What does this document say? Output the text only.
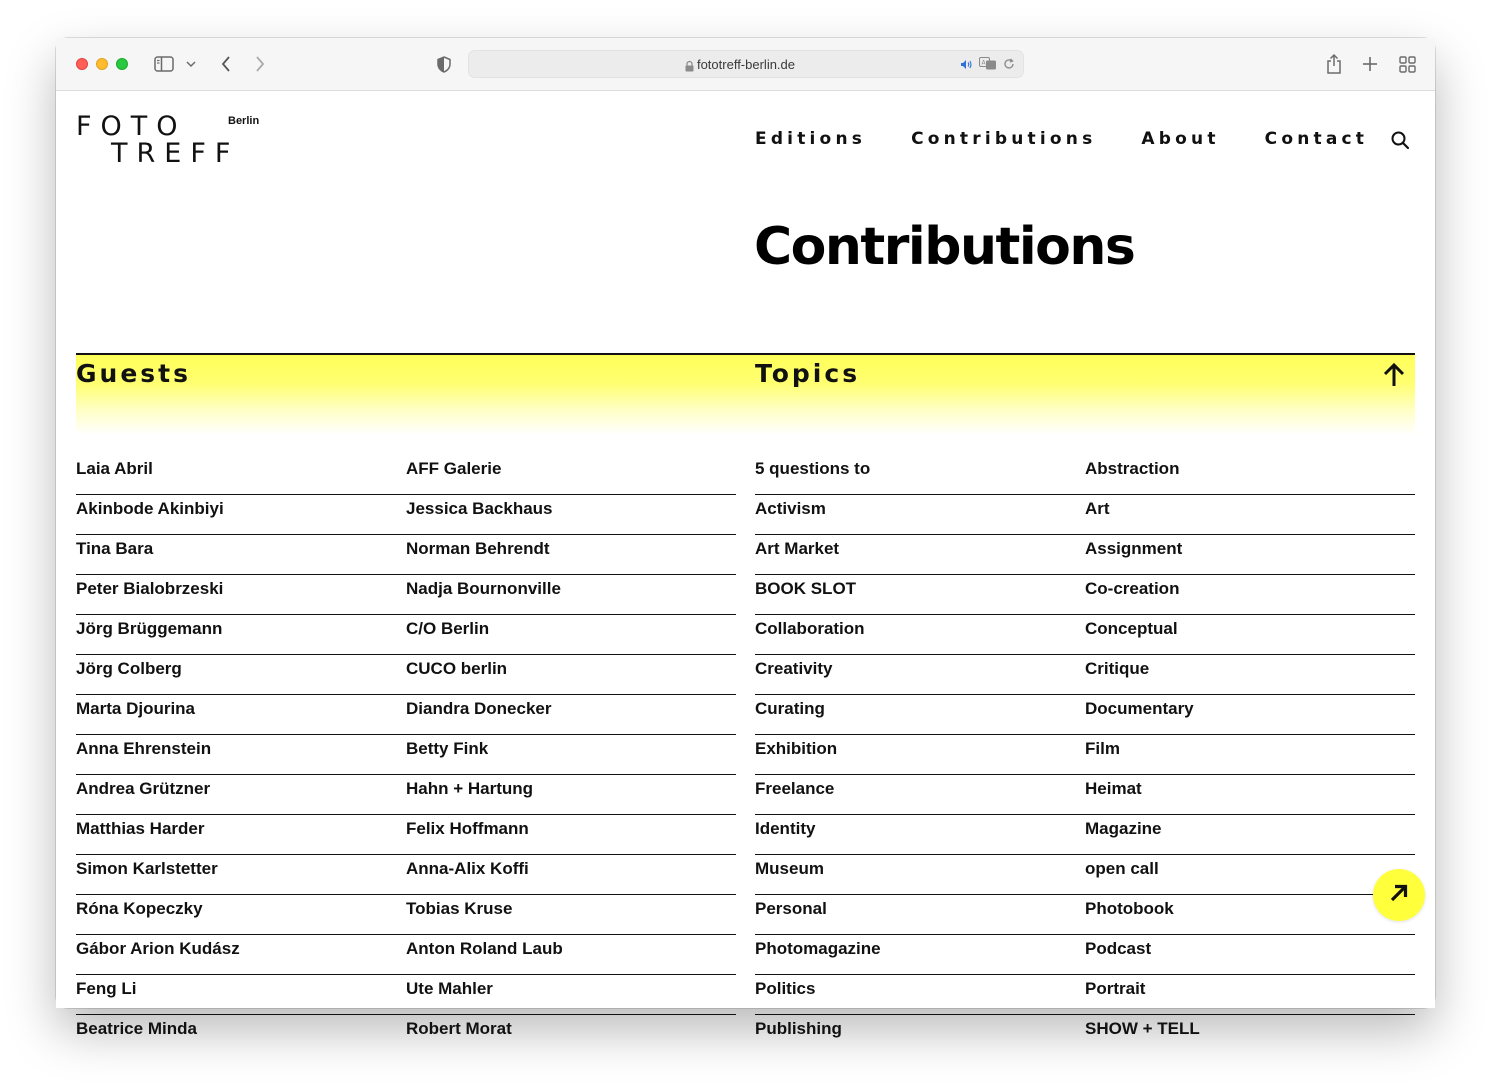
fototreff-berlin.de	A
FOTO
TREFF
Berlin
Editions	Contributions	About	Contact
Contributions
Guests	Topics
Laia Abril	AFF Galerie
Akinbode Akinbiyi	Jessica Backhaus
Tina Bara	Norman Behrendt
Peter Bialobrzeski	Nadja Bournonville
Jörg Brüggemann	C/O Berlin
Jörg Colberg	CUCO berlin
Marta Djourina	Diandra Donecker
Anna Ehrenstein	Betty Fink
Andrea Grützner	Hahn + Hartung
Matthias Harder	Felix Hoffmann
Simon Karlstetter	Anna-Alix Koffi
Róna Kopeczky	Tobias Kruse
Gábor Arion Kudász	Anton Roland Laub
Feng Li	Ute Mahler
Beatrice Minda	Robert Morat
5 questions to	Abstraction
Activism	Art
Art Market	Assignment
BOOK SLOT	Co-creation
Collaboration	Conceptual
Creativity	Critique
Curating	Documentary
Exhibition	Film
Freelance	Heimat
Identity	Magazine
Museum	open call
Personal	Photobook
Photomagazine	Podcast
Politics	Portrait
Publishing	SHOW + TELL
